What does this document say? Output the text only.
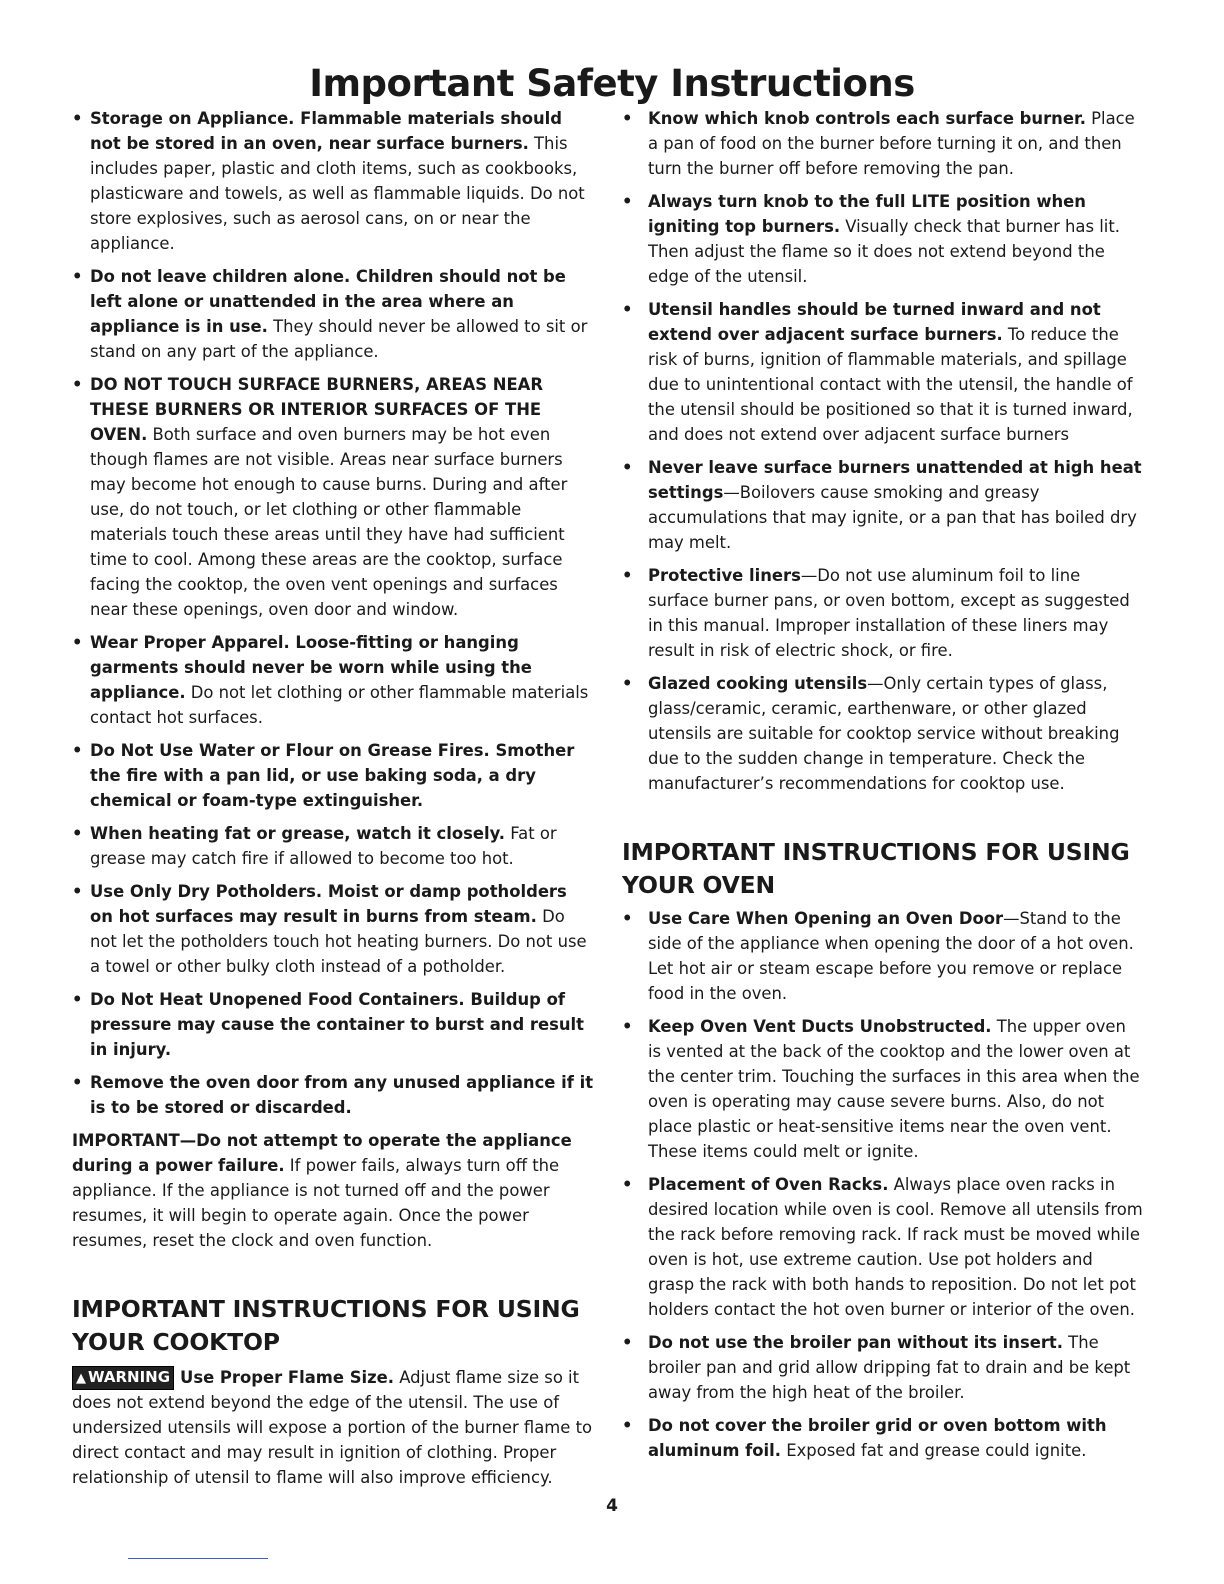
Important Safety Instructions
• Storage on Appliance. Flammable materials should not be stored in an oven, near surface burners. This includes paper, plastic and cloth items, such as cookbooks, plasticware and towels, as well as flammable liquids. Do not store explosives, such as aerosol cans, on or near the appliance.
• Do not leave children alone. Children should not be left alone or unattended in the area where an appliance is in use. They should never be allowed to sit or stand on any part of the appliance.
• DO NOT TOUCH SURFACE BURNERS, AREAS NEAR THESE BURNERS OR INTERIOR SURFACES OF THE OVEN. Both surface and oven burners may be hot even though flames are not visible. Areas near surface burners may become hot enough to cause burns. During and after use, do not touch, or let clothing or other flammable materials touch these areas until they have had sufficient time to cool. Among these areas are the cooktop, surface facing the cooktop, the oven vent openings and surfaces near these openings, oven door and window.
• Wear Proper Apparel. Loose-fitting or hanging garments should never be worn while using the appliance. Do not let clothing or other flammable materials contact hot surfaces.
• Do Not Use Water or Flour on Grease Fires. Smother the fire with a pan lid, or use baking soda, a dry chemical or foam-type extinguisher.
• When heating fat or grease, watch it closely. Fat or grease may catch fire if allowed to become too hot.
• Use Only Dry Potholders. Moist or damp potholders on hot surfaces may result in burns from steam. Do not let the potholders touch hot heating burners. Do not use a towel or other bulky cloth instead of a potholder.
• Do Not Heat Unopened Food Containers. Buildup of pressure may cause the container to burst and result in injury.
• Remove the oven door from any unused appliance if it is to be stored or discarded.

IMPORTANT—Do not attempt to operate the appliance during a power failure. If power fails, always turn off the appliance. If the appliance is not turned off and the power resumes, it will begin to operate again. Once the power resumes, reset the clock and oven function.

IMPORTANT INSTRUCTIONS FOR USING YOUR COOKTOP

▲ WARNING Use Proper Flame Size. Adjust flame size so it does not extend beyond the edge of the utensil. The use of undersized utensils will expose a portion of the burner flame to direct contact and may result in ignition of clothing. Proper relationship of utensil to flame will also improve efficiency.

• Know which knob controls each surface burner. Place a pan of food on the burner before turning it on, and then turn the burner off before removing the pan.
• Always turn knob to the full LITE position when igniting top burners. Visually check that burner has lit. Then adjust the flame so it does not extend beyond the edge of the utensil.
• Utensil handles should be turned inward and not extend over adjacent surface burners. To reduce the risk of burns, ignition of flammable materials, and spillage due to unintentional contact with the utensil, the handle of the utensil should be positioned so that it is turned inward, and does not extend over adjacent surface burners
• Never leave surface burners unattended at high heat settings—Boilovers cause smoking and greasy accumulations that may ignite, or a pan that has boiled dry may melt.
• Protective liners—Do not use aluminum foil to line surface burner pans, or oven bottom, except as suggested in this manual. Improper installation of these liners may result in risk of electric shock, or fire.
• Glazed cooking utensils—Only certain types of glass, glass/ceramic, ceramic, earthenware, or other glazed utensils are suitable for cooktop service without breaking due to the sudden change in temperature. Check the manufacturer’s recommendations for cooktop use.
IMPORTANT INSTRUCTIONS FOR USING YOUR OVEN
• Use Care When Opening an Oven Door—Stand to the side of the appliance when opening the door of a hot oven. Let hot air or steam escape before you remove or replace food in the oven.
• Keep Oven Vent Ducts Unobstructed. The upper oven is vented at the back of the cooktop and the lower oven at the center trim. Touching the surfaces in this area when the oven is operating may cause severe burns. Also, do not place plastic or heat-sensitive items near the oven vent. These items could melt or ignite.
• Placement of Oven Racks. Always place oven racks in desired location while oven is cool. Remove all utensils from the rack before removing rack. If rack must be moved while oven is hot, use extreme caution. Use pot holders and grasp the rack with both hands to reposition. Do not let pot holders contact the hot oven burner or interior of the oven.
• Do not use the broiler pan without its insert. The broiler pan and grid allow dripping fat to drain and be kept away from the high heat of the broiler.
• Do not cover the broiler grid or oven bottom with aluminum foil. Exposed fat and grease could ignite.
4
